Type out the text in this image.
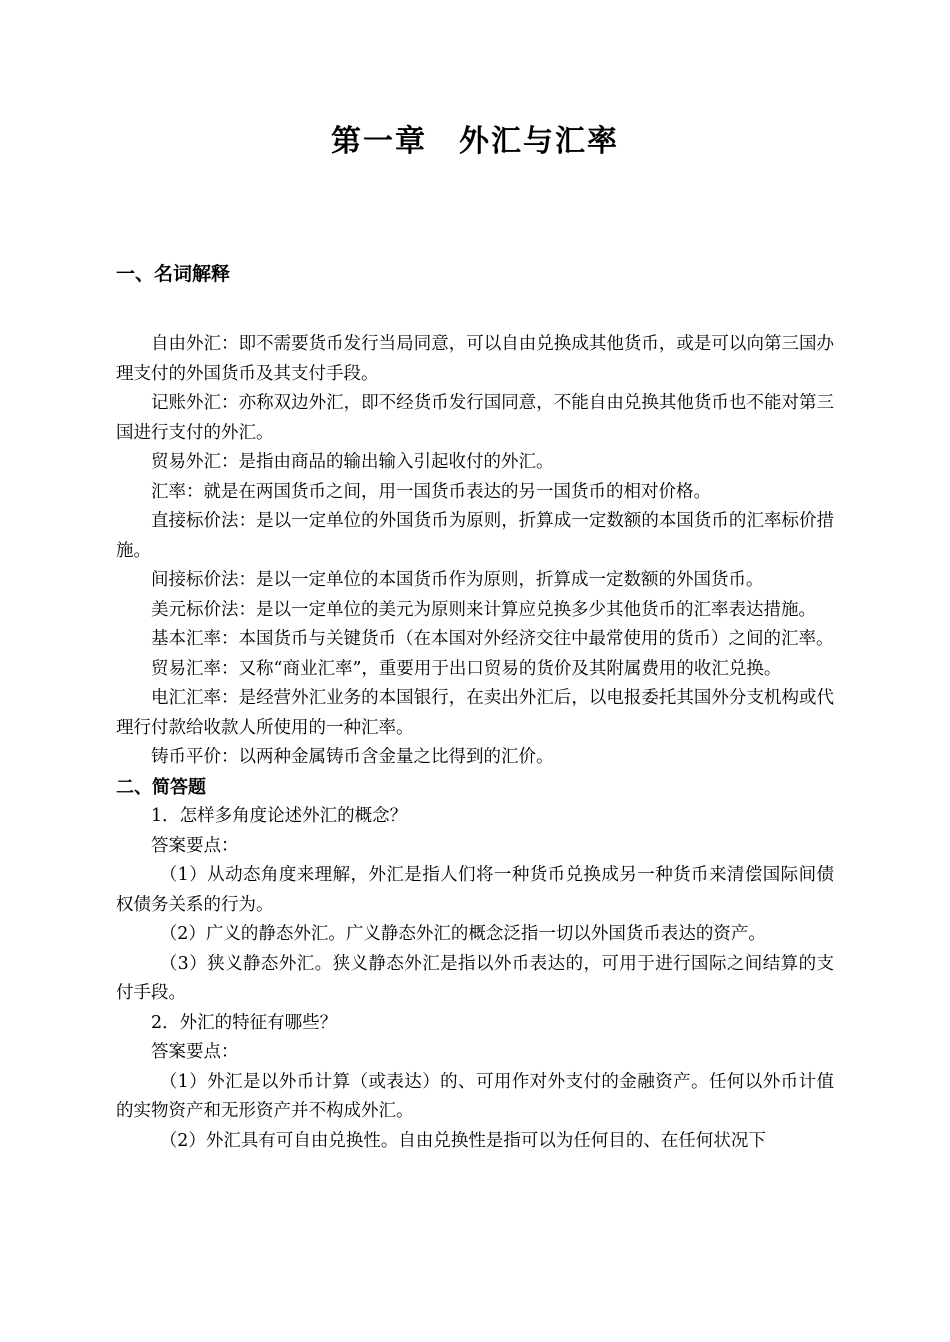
第一章　外汇与汇率
一、名词解释

自由外汇：即不需要货币发行当局同意，可以自由兑换成其他货币，或是可以向第三国办理支付的外国货币及其支付手段。

记账外汇：亦称双边外汇，即不经货币发行国同意，不能自由兑换其他货币也不能对第三国进行支付的外汇。

贸易外汇：是指由商品的输出输入引起收付的外汇。

汇率：就是在两国货币之间，用一国货币表达的另一国货币的相对价格。

直接标价法：是以一定单位的外国货币为原则，折算成一定数额的本国货币的汇率标价措施。

间接标价法：是以一定单位的本国货币作为原则，折算成一定数额的外国货币。

美元标价法：是以一定单位的美元为原则来计算应兑换多少其他货币的汇率表达措施。

基本汇率：本国货币与关键货币（在本国对外经济交往中最常使用的货币）之间的汇率。

贸易汇率：又称“商业汇率”，重要用于出口贸易的货价及其附属费用的收汇兑换。

电汇汇率：是经营外汇业务的本国银行，在卖出外汇后，以电报委托其国外分支机构或代理行付款给收款人所使用的一种汇率。

铸币平价：以两种金属铸币含金量之比得到的汇价。

二、简答题

1．怎样多角度论述外汇的概念？

答案要点：

（1）从动态角度来理解，外汇是指人们将一种货币兑换成另一种货币来清偿国际间债权债务关系的行为。

（2）广义的静态外汇。广义静态外汇的概念泛指一切以外国货币表达的资产。

（3）狭义静态外汇。狭义静态外汇是指以外币表达的，可用于进行国际之间结算的支付手段。

2．外汇的特征有哪些？

答案要点：

（1）外汇是以外币计算（或表达）的、可用作对外支付的金融资产。任何以外币计值的实物资产和无形资产并不构成外汇。

（2）外汇具有可自由兑换性。自由兑换性是指可以为任何目的、在任何状况下
